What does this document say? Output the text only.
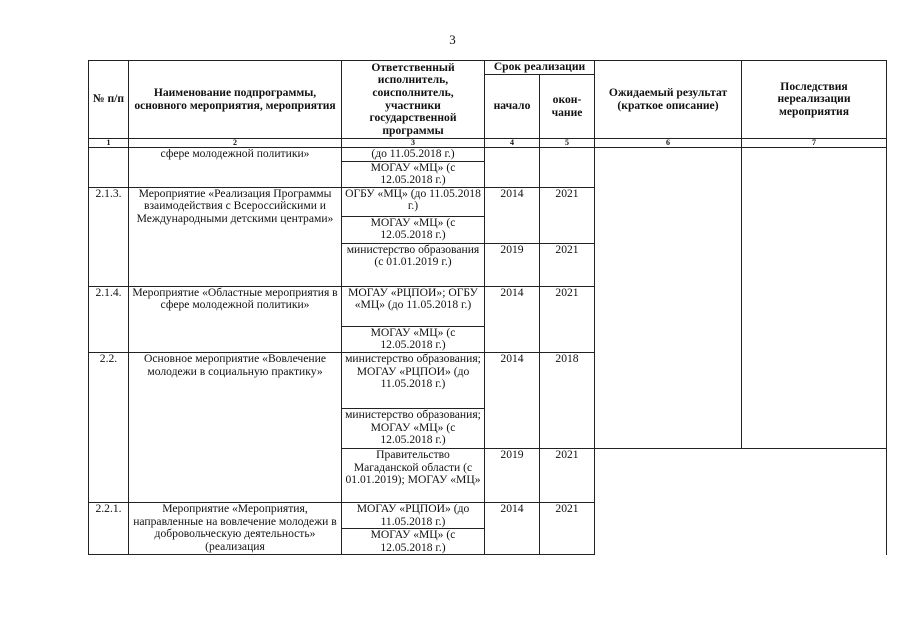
3
№ п/п	Наименование подпрограммы, основного мероприятия, мероприятия	Ответственный исполнитель, соисполнитель, участники государственной программы	Срок реализации		Ожидаемый результат (краткое описание)	Последствия нереализации мероприятия	
			начало	окон-чание			
1	2	3	4	5	6	7	
	сфере молодежной политики»	(до 11.05.2018 г.)					
		МОГАУ «МЦ» (с 12.05.2018 г.)					
2.1.3.	Мероприятие «Реализация Программы взаимодействия с Всероссийскими и Международными детскими центрами»	ОГБУ «МЦ» (до 11.05.2018 г.)	2014	2021			
		МОГАУ «МЦ» (с 12.05.2018 г.)					
		министерство образования (с 01.01.2019 г.)	2019	2021			
2.1.4.	Мероприятие «Областные мероприятия в сфере молодежной политики»	МОГАУ «РЦПОИ»; ОГБУ «МЦ» (до 11.05.2018 г.)	2014	2021			
		МОГАУ «МЦ» (с 12.05.2018 г.)					
2.2.	Основное мероприятие «Вовлечение молодежи в социальную практику»	министерство образования; МОГАУ «РЦПОИ» (до 11.05.2018 г.)	2014	2018		
		министерство образования; МОГАУ «МЦ» (с 12.05.2018 г.)					
		Правительство Магаданской области (с 01.01.2019); МОГАУ «МЦ»	2019	2021			
2.2.1.	Мероприятие «Мероприятия, направленные на вовлечение молодежи в добровольческую деятельность» (реализация	МОГАУ «РЦПОИ» (до 11.05.2018 г.)	2014	2021			
		МОГАУ «МЦ» (с 12.05.2018 г.)					
